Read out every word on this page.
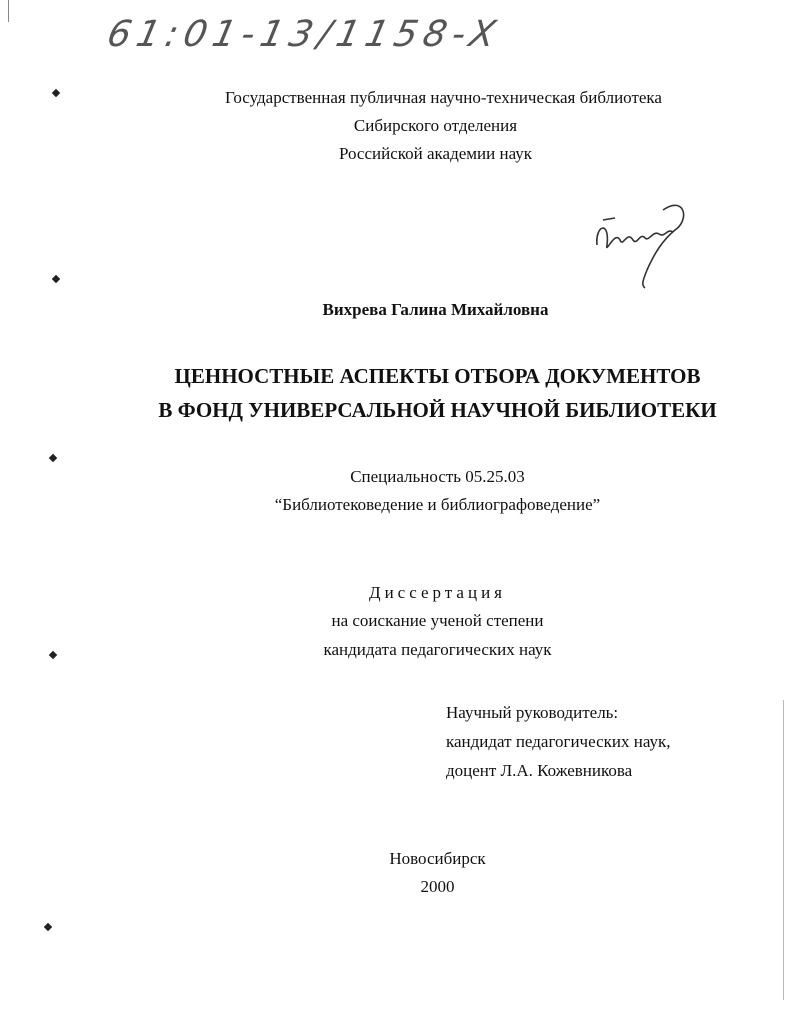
61:01-13/1158-X
Государственная публичная научно-техническая библиотека
Сибирского отделения
Российской академии наук
Вихрева Галина Михайловна
ЦЕННОСТНЫЕ АСПЕКТЫ ОТБОРА ДОКУМЕНТОВ
В ФОНД УНИВЕРСАЛЬНОЙ НАУЧНОЙ БИБЛИОТЕКИ
Специальность 05.25.03
“Библиотековедение и библиографоведение”
Диссертация
на соискание ученой степени
кандидата педагогических наук
Научный руководитель:
кандидат педагогических наук,
доцент Л.А. Кожевникова
Новосибирск
2000
